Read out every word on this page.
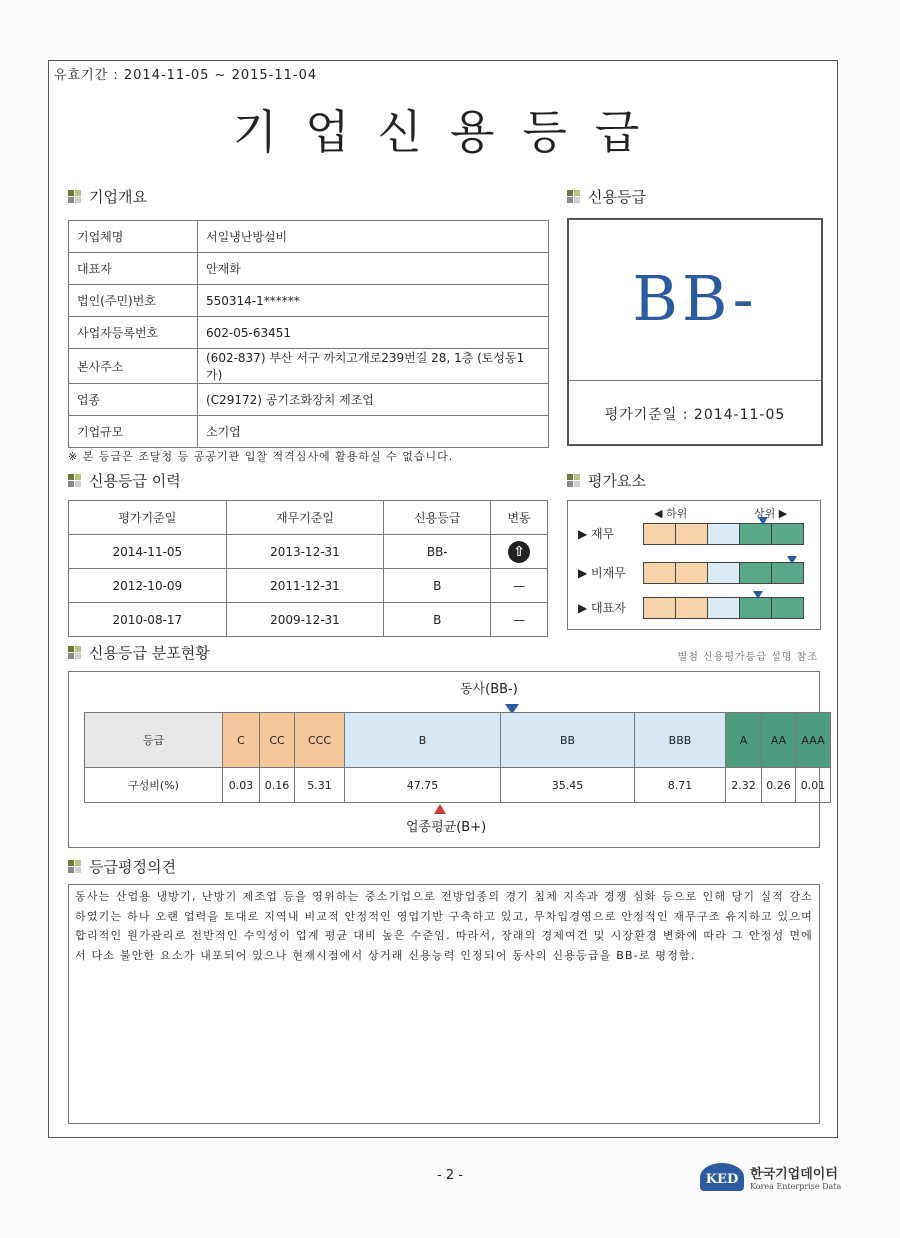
유효기간 : 2014-11-05 ~ 2015-11-04
기업신용등급
기업개요
기업체명	서일냉난방설비
대표자	안재화
법인(주민)번호	550314-1******
사업자등록번호	602-05-63451
본사주소	(602-837) 부산 서구 까치고개로239번길 28, 1층 (토성동1가)
업종	(C29172) 공기조화장치 제조업
기업규모	소기업
※ 본 등급은 조달청 등 공공기관 입찰 적격심사에 활용하실 수 없습니다.
신용등급
BB-
평가기준일 : 2014-11-05
신용등급 이력
평가기준일	재무기준일	신용등급	변동
2014-11-05	2013-12-31	BB-	⇧
2012-10-09	2011-12-31	B	—
2010-08-17	2009-12-31	B	—
평가요소
◀ 하위	상위 ▶
▶ 재무
▶ 비재무
▶ 대표자
신용등급 분포현황	별첨 신용평가등급 설명 참조
동사(BB-)
등급	C	CC	CCC	B	BB	BBB	A	AA	AAA
구성비(%)	0.03	0.16	5.31	47.75	35.45	8.71	2.32	0.26	0.01
업종평균(B+)
등급평정의견
동사는 산업용 냉방기, 난방기 제조업 등을 영위하는 중소기업으로 전방업종의 경기 침체 지속과 경쟁 심화 등으로 인해 당기 실적 감소하였기는 하나 오랜 업력을 토대로 지역내 비교적 안정적인 영업기반 구축하고 있고, 무차입경영으로 안정적인 재무구조 유지하고 있으며 합리적인 원가관리로 전반적인 수익성이 업계 평균 대비 높은 수준임. 따라서, 장래의 경제여건 및 시장환경 변화에 따라 그 안정성 면에서 다소 불안한 요소가 내포되어 있으나 현재시점에서 상거래 신용능력 인정되어 동사의 신용등급을 BB-로 평정함.
- 2 -	KED 한국기업데이터
Korea Enterprise Data
